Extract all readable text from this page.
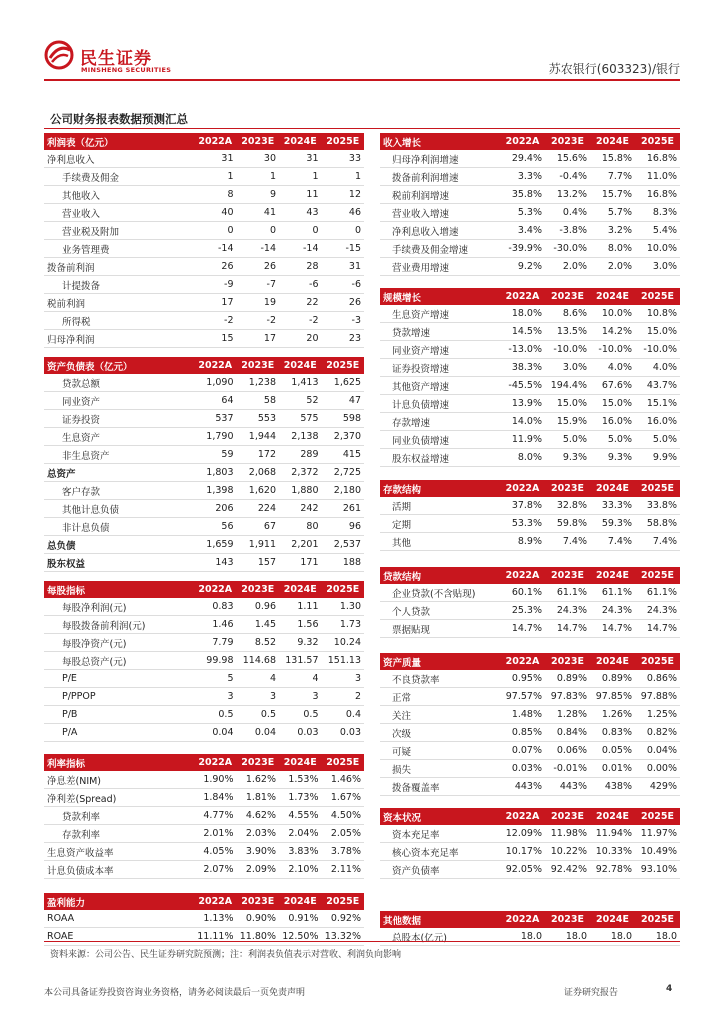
民生证券
MINSHENG SECURITIES	苏农银行(603323)/银行
公司财务报表数据预测汇总
利润表（亿元）	2022A	2023E	2024E	2025E
净利息收入	31	30	31	33
手续费及佣金	1	1	1	1
其他收入	8	9	11	12
营业收入	40	41	43	46
营业税及附加	0	0	0	0
业务管理费	-14	-14	-14	-15
拨备前利润	26	26	28	31
计提拨备	-9	-7	-6	-6
税前利润	17	19	22	26
所得税	-2	-2	-2	-3
归母净利润	15	17	20	23
资产负债表（亿元）	2022A	2023E	2024E	2025E
贷款总额	1,090	1,238	1,413	1,625
同业资产	64	58	52	47
证券投资	537	553	575	598
生息资产	1,790	1,944	2,138	2,370
非生息资产	59	172	289	415
总资产	1,803	2,068	2,372	2,725
客户存款	1,398	1,620	1,880	2,180
其他计息负债	206	224	242	261
非计息负债	56	67	80	96
总负债	1,659	1,911	2,201	2,537
股东权益	143	157	171	188
每股指标	2022A	2023E	2024E	2025E
每股净利润(元)	0.83	0.96	1.11	1.30
每股拨备前利润(元)	1.46	1.45	1.56	1.73
每股净资产(元)	7.79	8.52	9.32	10.24
每股总资产(元)	99.98	114.68	131.57	151.13
P/E	5	4	4	3
P/PPOP	3	3	3	2
P/B	0.5	0.5	0.5	0.4
P/A	0.04	0.04	0.03	0.03
利率指标	2022A	2023E	2024E	2025E
净息差(NIM)	1.90%	1.62%	1.53%	1.46%
净利差(Spread)	1.84%	1.81%	1.73%	1.67%
贷款利率	4.77%	4.62%	4.55%	4.50%
存款利率	2.01%	2.03%	2.04%	2.05%
生息资产收益率	4.05%	3.90%	3.83%	3.78%
计息负债成本率	2.07%	2.09%	2.10%	2.11%
盈利能力	2022A	2023E	2024E	2025E
ROAA	1.13%	0.90%	0.91%	0.92%
ROAE	11.11%	11.80%	12.50%	13.32%
收入增长	2022A	2023E	2024E	2025E
归母净利润增速	29.4%	15.6%	15.8%	16.8%
拨备前利润增速	3.3%	-0.4%	7.7%	11.0%
税前利润增速	35.8%	13.2%	15.7%	16.8%
营业收入增速	5.3%	0.4%	5.7%	8.3%
净利息收入增速	3.4%	-3.8%	3.2%	5.4%
手续费及佣金增速	-39.9%	-30.0%	8.0%	10.0%
营业费用增速	9.2%	2.0%	2.0%	3.0%
规模增长	2022A	2023E	2024E	2025E
生息资产增速	18.0%	8.6%	10.0%	10.8%
贷款增速	14.5%	13.5%	14.2%	15.0%
同业资产增速	-13.0%	-10.0%	-10.0%	-10.0%
证券投资增速	38.3%	3.0%	4.0%	4.0%
其他资产增速	-45.5%	194.4%	67.6%	43.7%
计息负债增速	13.9%	15.0%	15.0%	15.1%
存款增速	14.0%	15.9%	16.0%	16.0%
同业负债增速	11.9%	5.0%	5.0%	5.0%
股东权益增速	8.0%	9.3%	9.3%	9.9%
存款结构	2022A	2023E	2024E	2025E
活期	37.8%	32.8%	33.3%	33.8%
定期	53.3%	59.8%	59.3%	58.8%
其他	8.9%	7.4%	7.4%	7.4%
贷款结构	2022A	2023E	2024E	2025E
企业贷款(不含贴现)	60.1%	61.1%	61.1%	61.1%
个人贷款	25.3%	24.3%	24.3%	24.3%
票据贴现	14.7%	14.7%	14.7%	14.7%
资产质量	2022A	2023E	2024E	2025E
不良贷款率	0.95%	0.89%	0.89%	0.86%
正常	97.57%	97.83%	97.85%	97.88%
关注	1.48%	1.28%	1.26%	1.25%
次级	0.85%	0.84%	0.83%	0.82%
可疑	0.07%	0.06%	0.05%	0.04%
损失	0.03%	-0.01%	0.01%	0.00%
拨备覆盖率	443%	443%	438%	429%
资本状况	2022A	2023E	2024E	2025E
资本充足率	12.09%	11.98%	11.94%	11.97%
核心资本充足率	10.17%	10.22%	10.33%	10.49%
资产负债率	92.05%	92.42%	92.78%	93.10%
其他数据	2022A	2023E	2024E	2025E
总股本(亿元)	18.0	18.0	18.0	18.0
资料来源：公司公告、民生证券研究院预测；注：利润表负值表示对营收、利润负向影响
本公司具备证券投资咨询业务资格，请务必阅读最后一页免责声明	证券研究报告	4
